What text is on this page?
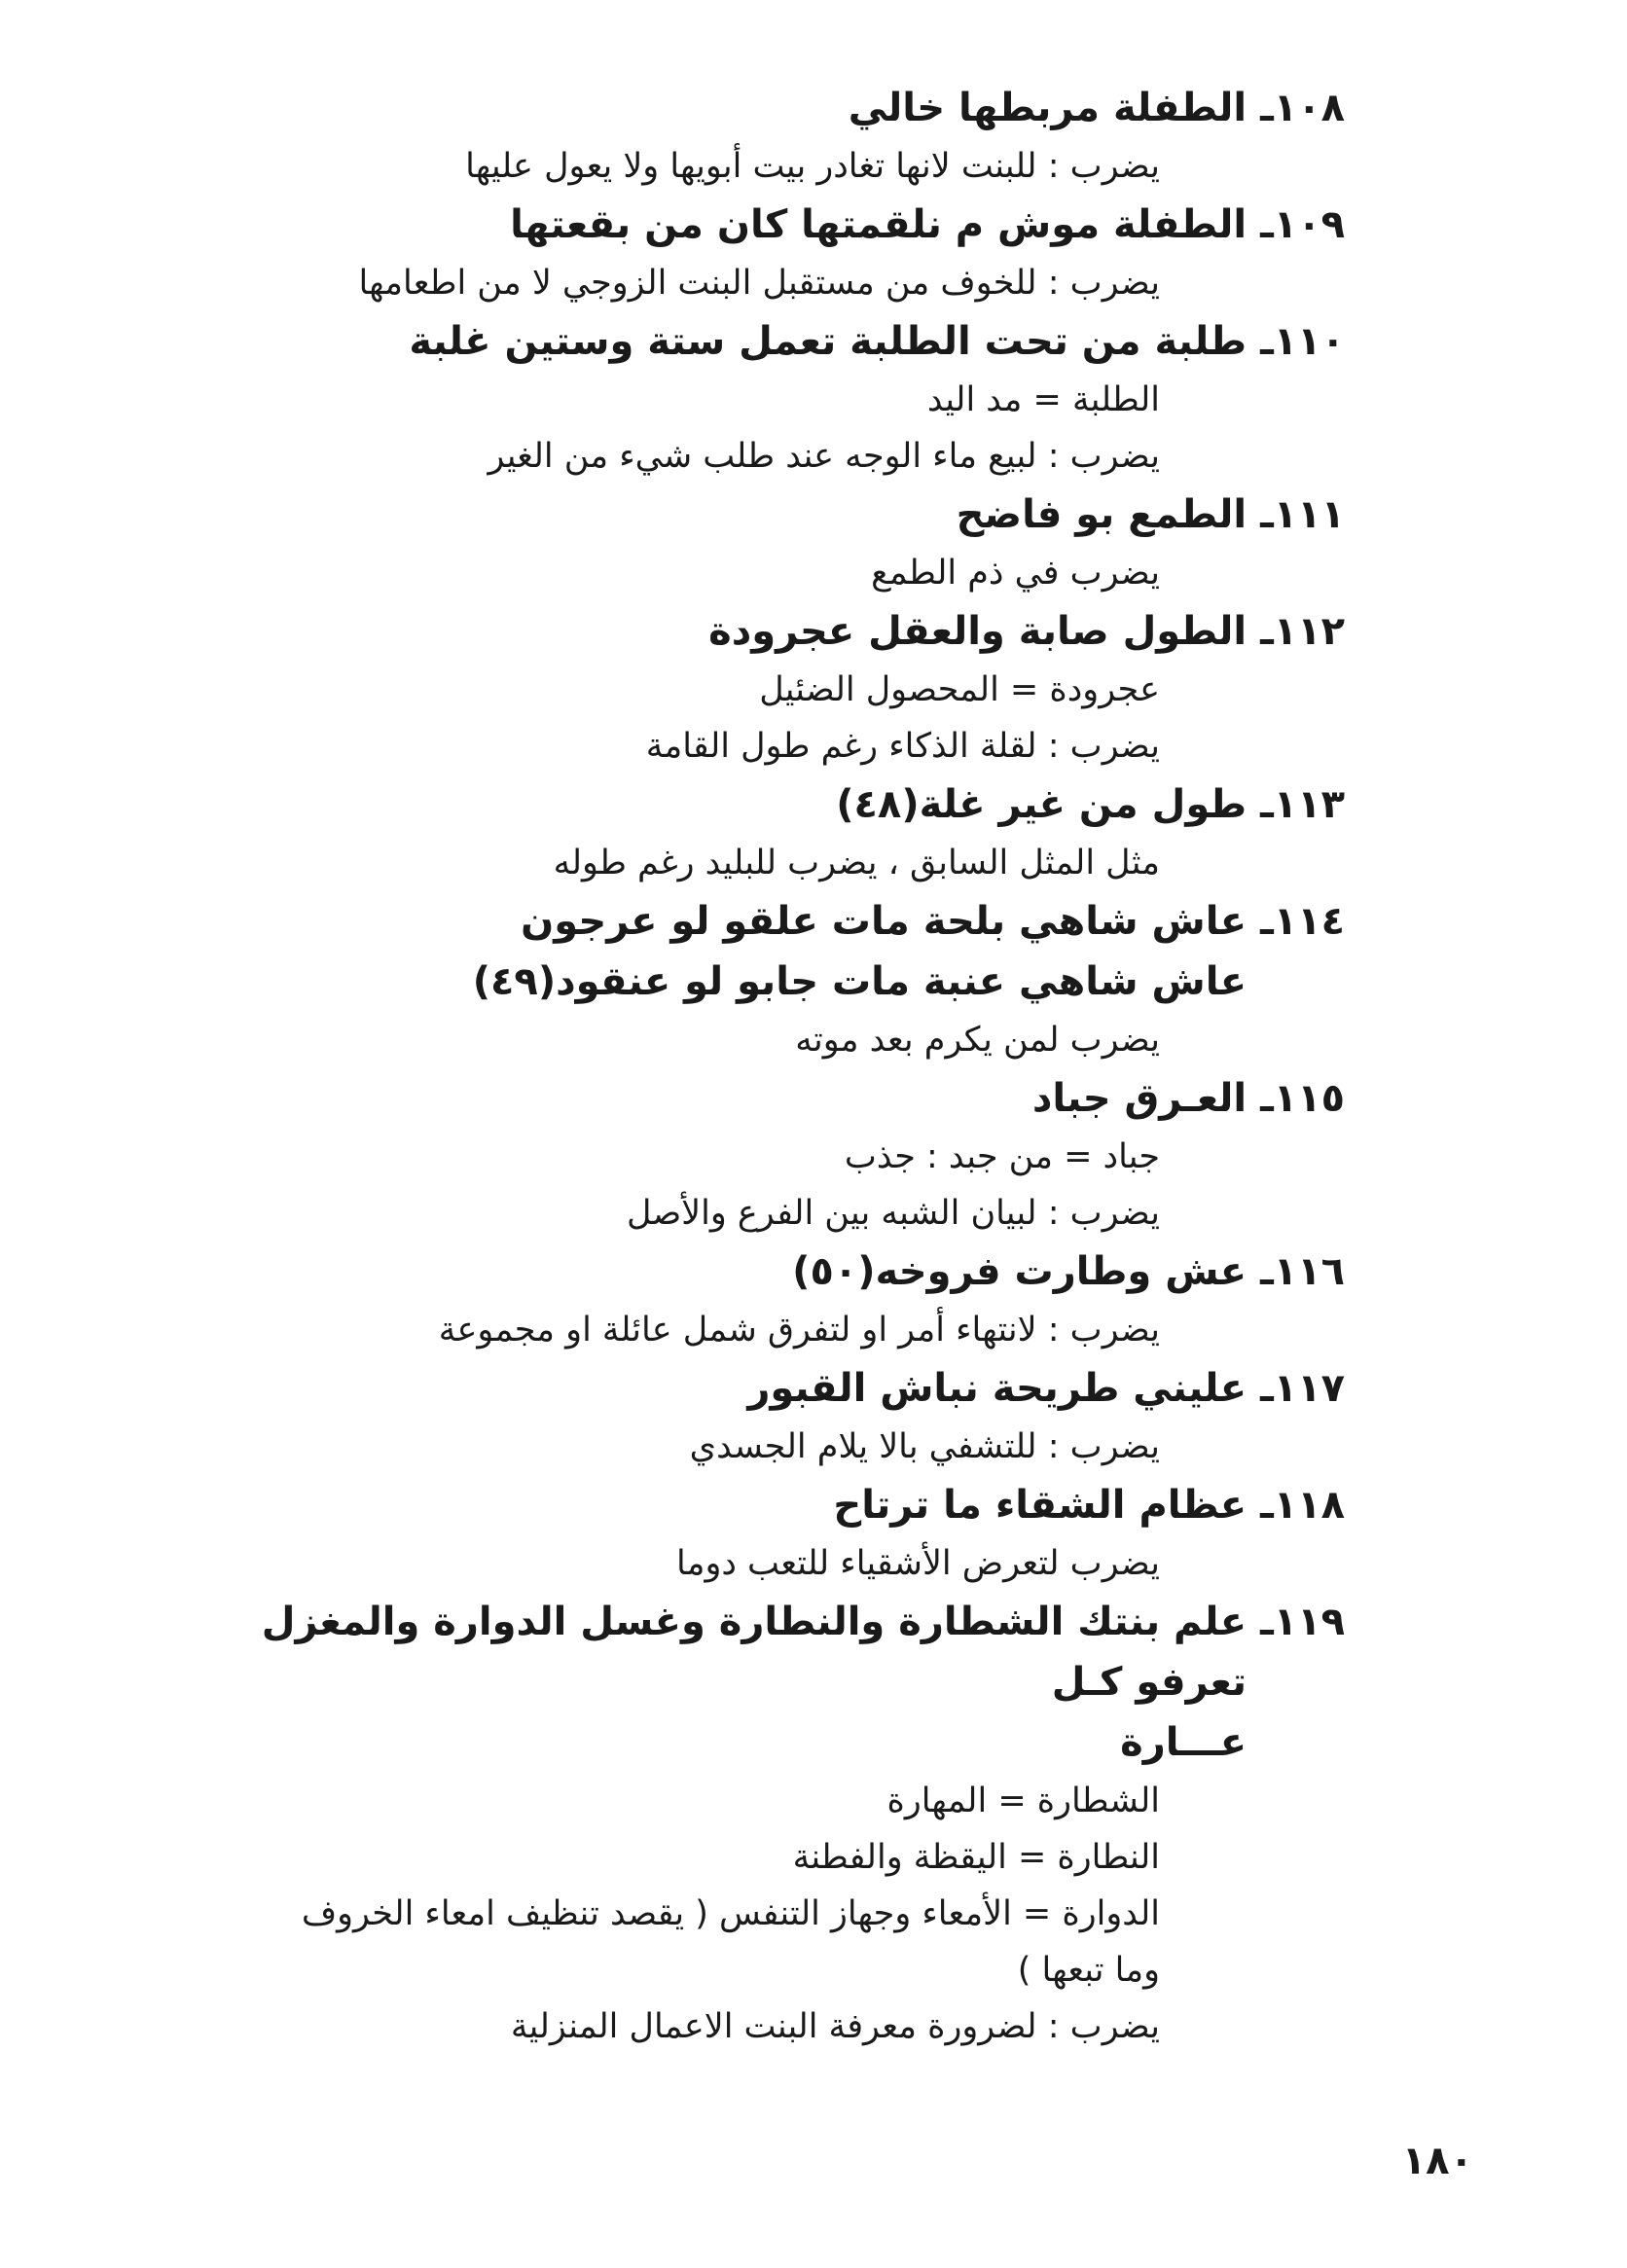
١٠٨ـ
الطفلة مربطها خالي
يضرب : للبنت لانها تغادر بيت أبويها ولا يعول عليها
١٠٩ـ
الطفلة موش م نلقمتها كان من بقعتها
يضرب : للخوف من مستقبل البنت الزوجي لا من اطعامها
١١٠ـ
طلبة من تحت الطلبة تعمل ستة وستين غلبة
الطلبة = مد اليد
يضرب : لبيع ماء الوجه عند طلب شيء من الغير
١١١ـ
الطمع بو فاضح
يضرب في ذم الطمع
١١٢ـ
الطول صابة والعقل عجرودة
عجرودة = المحصول الضئيل
يضرب : لقلة الذكاء رغم طول القامة
١١٣ـ
طول من غير غلة(٤٨)
مثل المثل السابق ، يضرب للبليد رغم طوله
١١٤ـ
عاش شاهي بلحة مات علقو لو عرجون
عاش شاهي عنبة مات جابو لو عنقود(٤٩)
يضرب لمن يكرم بعد موته
١١٥ـ
العـرق جباد
جباد = من جبد : جذب
يضرب : لبيان الشبه بين الفرع والأصل
١١٦ـ
عش وطارت فروخه(٥٠)
يضرب : لانتهاء أمر او لتفرق شمل عائلة او مجموعة
١١٧ـ
عليني طريحة نباش القبور
يضرب : للتشفي بالا يلام الجسدي
١١٨ـ
عظام الشقاء ما ترتاح
يضرب لتعرض الأشقياء للتعب دوما
١١٩ـ
علم بنتك الشطارة والنطارة وغسل الدوارة والمغزل تعرفو كـل
عـــارة
الشطارة = المهارة
النطارة = اليقظة والفطنة
الدوارة = الأمعاء وجهاز التنفس ( يقصد تنظيف امعاء الخروف
وما تبعها )
يضرب : لضرورة معرفة البنت الاعمال المنزلية
١٨٠
